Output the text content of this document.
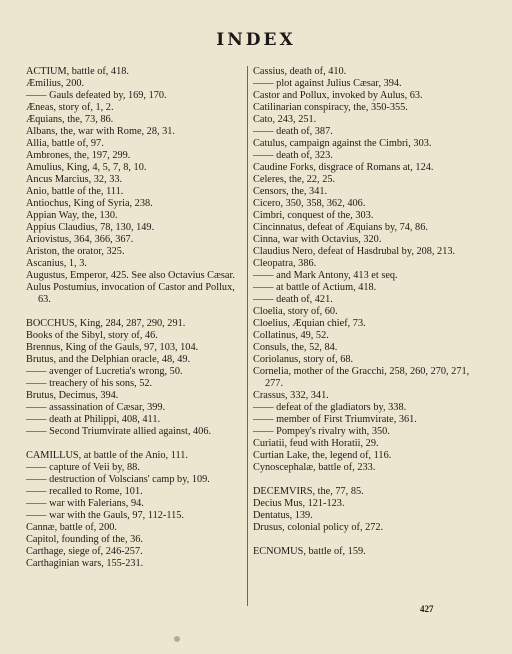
INDEX
ACTIUM, battle of, 418.
Æmilius, 200.
—— Gauls defeated by, 169, 170.
Æneas, story of, 1, 2.
Æquians, the, 73, 86.
Albans, the, war with Rome, 28, 31.
Allia, battle of, 97.
Ambrones, the, 197, 299.
Amulius, King, 4, 5, 7, 8, 10.
Ancus Marcius, 32, 33.
Anio, battle of the, 111.
Antiochus, King of Syria, 238.
Appian Way, the, 130.
Appius Claudius, 78, 130, 149.
Ariovistus, 364, 366, 367.
Ariston, the orator, 325.
Ascanius, 1, 3.
Augustus, Emperor, 425. See also Octavius Cæsar.
Aulus Postumius, invocation of Castor and Pollux, 63.
BOCCHUS, King, 284, 287, 290, 291.
Books of the Sibyl, story of, 46.
Brennus, King of the Gauls, 97, 103, 104.
Brutus, and the Delphian oracle, 48, 49.
—— avenger of Lucretia's wrong, 50.
—— treachery of his sons, 52.
Brutus, Decimus, 394.
—— assassination of Cæsar, 399.
—— death at Philippi, 408, 411.
—— Second Triumvirate allied against, 406.
CAMILLUS, at battle of the Anio, 111.
—— capture of Veii by, 88.
—— destruction of Volscians' camp by, 109.
—— recalled to Rome, 101.
—— war with Falerians, 94.
—— war with the Gauls, 97, 112-115.
Cannæ, battle of, 200.
Capitol, founding of the, 36.
Carthage, siege of, 246-257.
Carthaginian wars, 155-231.
Cassius, death of, 410.
—— plot against Julius Cæsar, 394.
Castor and Pollux, invoked by Aulus, 63.
Catilinarian conspiracy, the, 350-355.
Cato, 243, 251.
—— death of, 387.
Catulus, campaign against the Cimbri, 303.
—— death of, 323.
Caudine Forks, disgrace of Romans at, 124.
Celeres, the, 22, 25.
Censors, the, 341.
Cicero, 350, 358, 362, 406.
Cimbri, conquest of the, 303.
Cincinnatus, defeat of Æquians by, 74, 86.
Cinna, war with Octavius, 320.
Claudius Nero, defeat of Hasdrubal by, 208, 213.
Cleopatra, 386.
—— and Mark Antony, 413 et seq.
—— at battle of Actium, 418.
—— death of, 421.
Cloelia, story of, 60.
Cloelius, Æquian chief, 73.
Collatinus, 49, 52.
Consuls, the, 52, 84.
Coriolanus, story of, 68.
Cornelia, mother of the Gracchi, 258, 260, 270, 271, 277.
Crassus, 332, 341.
—— defeat of the gladiators by, 338.
—— member of First Triumvirate, 361.
—— Pompey's rivalry with, 350.
Curiatii, feud with Horatii, 29.
Curtian Lake, the, legend of, 116.
Cynoscephalæ, battle of, 233.
DECEMVIRS, the, 77, 85.
Decius Mus, 121-123.
Dentatus, 139.
Drusus, colonial policy of, 272.
ECNOMUS, battle of, 159.
427
